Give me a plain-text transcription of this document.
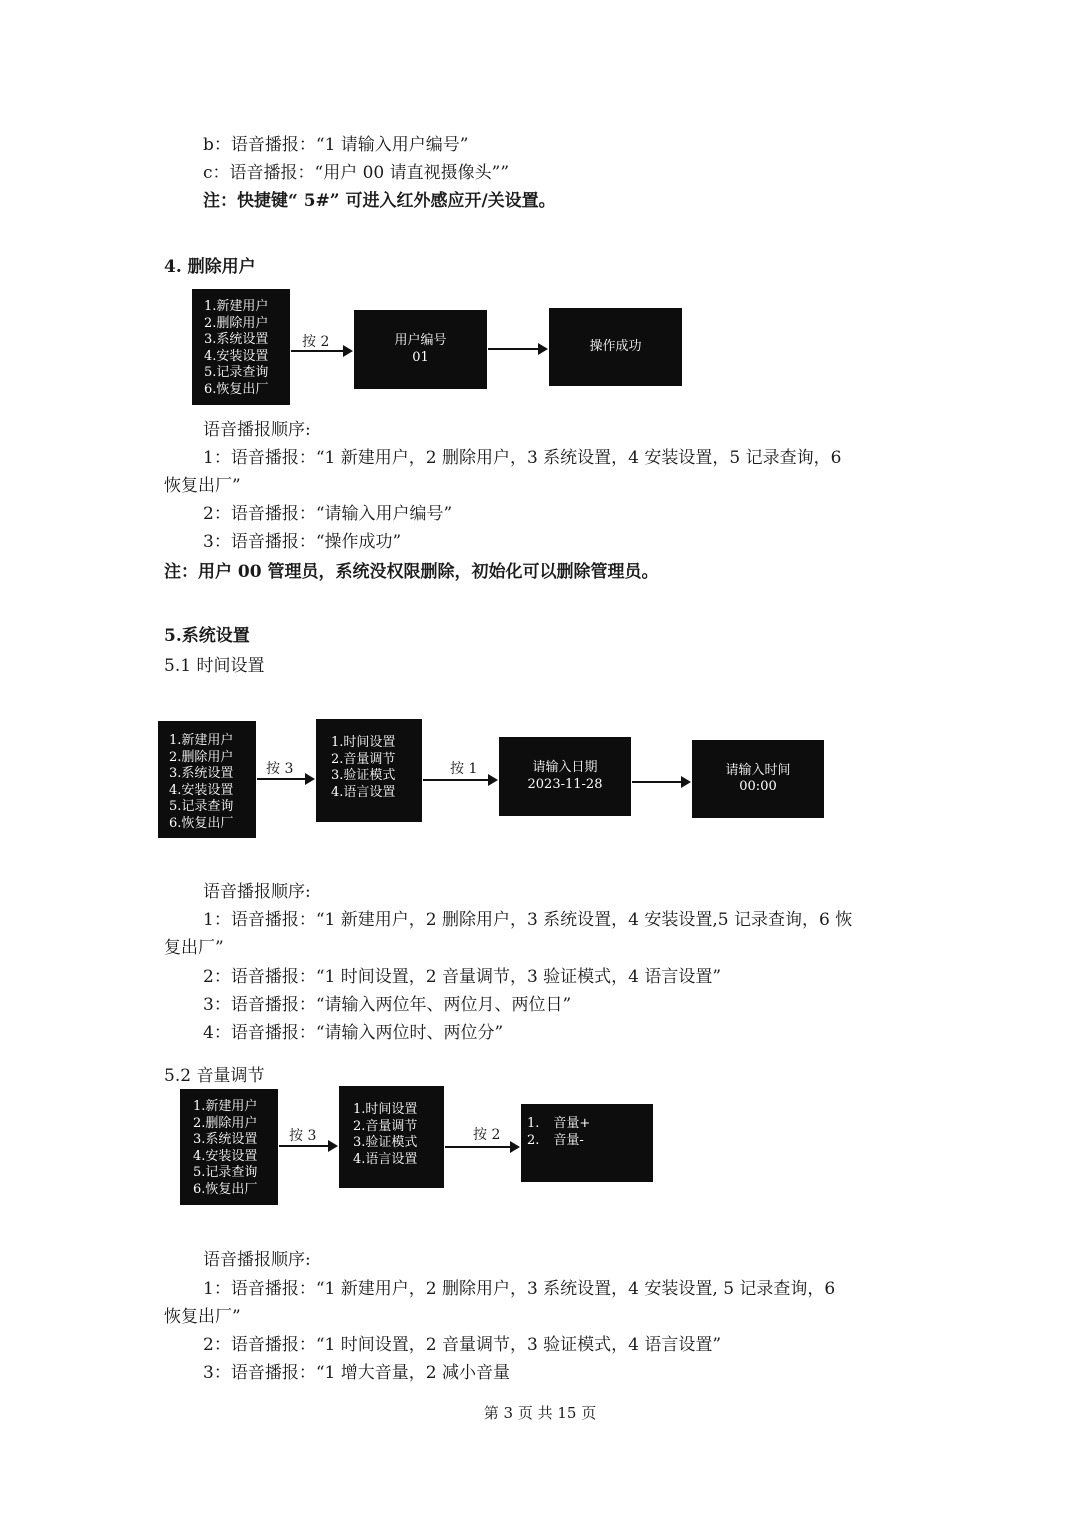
b：语音播报：“1 请输入用户编号”
c：语音播报：“用户 00 请直视摄像头””
注：快捷键“ 5#” 可进入红外感应开/关设置。
4. 删除用户
1.新建用户
2.删除用户
3.系统设置
4.安装设置
5.记录查询
6.恢复出厂
按 2	用户编号
01
操作成功
语音播报顺序:
1：语音播报：“1 新建用户，2 删除用户，3 系统设置，4 安装设置，5 记录查询，6
恢复出厂”
2：语音播报：“请输入用户编号”
3：语音播报：“操作成功”
注：用户 00 管理员，系统没权限删除，初始化可以删除管理员。
5.系统设置
5.1 时间设置
1.新建用户
2.删除用户
3.系统设置
4.安装设置
5.记录查询
6.恢复出厂
按 3
1.时间设置
2.音量调节
3.验证模式
4.语言设置
按 1	请输入日期
2023-11-28
请输入时间
00:00
语音播报顺序:
1：语音播报：“1 新建用户，2 删除用户，3 系统设置，4 安装设置,5 记录查询，6 恢
复出厂”
2：语音播报：“1 时间设置，2 音量调节，3 验证模式，4 语言设置”
3：语音播报：“请输入两位年、两位月、两位日”
4：语音播报：“请输入两位时、两位分”
5.2 音量调节
1.新建用户
2.删除用户
3.系统设置
4.安装设置
5.记录查询
6.恢复出厂
按 3
1.时间设置
2.音量调节
3.验证模式
4.语言设置
按 2
1. 音量+
2. 音量-
语音播报顺序:
1：语音播报：“1 新建用户，2 删除用户，3 系统设置，4 安装设置, 5 记录查询，6
恢复出厂”
2：语音播报：“1 时间设置，2 音量调节，3 验证模式，4 语言设置”
3：语音播报：“1 增大音量，2 减小音量
第 3 页 共 15 页
